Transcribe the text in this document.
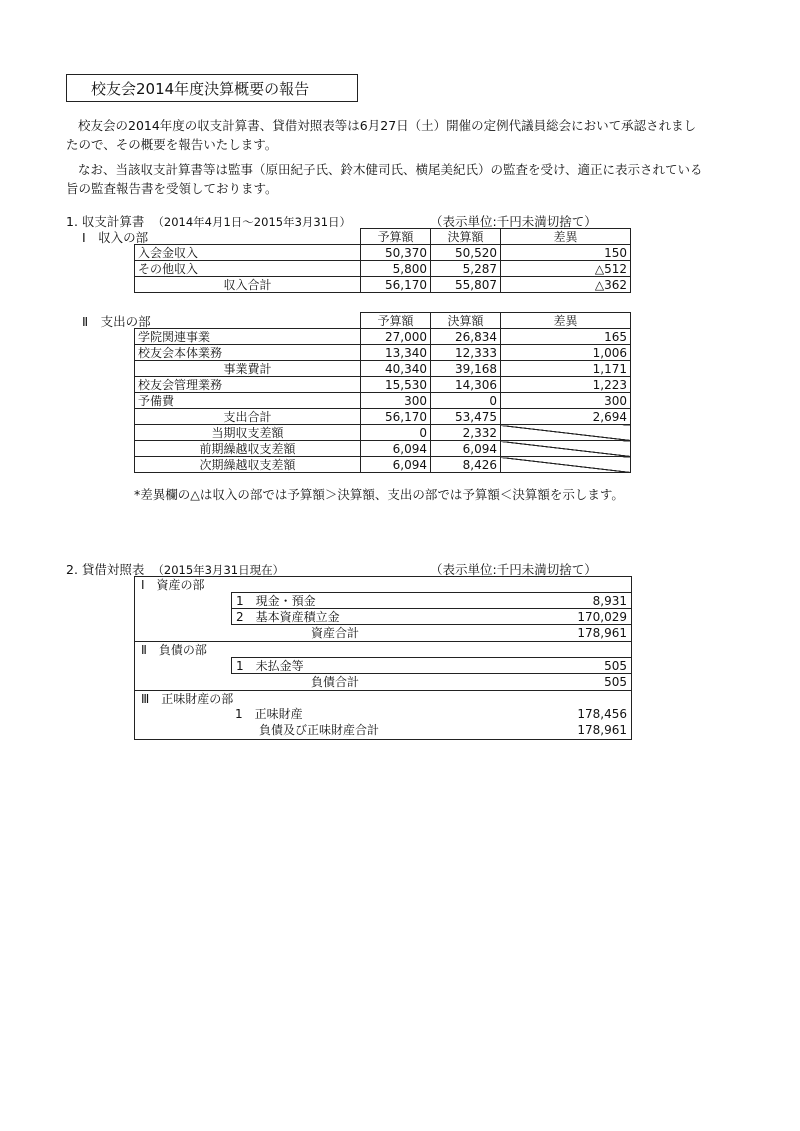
校友会2014年度決算概要の報告
校友会の2014年度の収支計算書、貸借対照表等は6月27日（土）開催の定例代議員総会において承認されましたので、その概要を報告いたします。
なお、当該収支計算書等は監事（原田紀子氏、鈴木健司氏、横尾美紀氏）の監査を受け、適正に表示されている旨の監査報告書を受領しております。
1. 収支計算書 （2014年4月1日～2015年3月31日）	（表示単位:千円未満切捨て）
Ⅰ　収入の部
		予算額	決算額	差異
入会金収入	50,370	50,520	150
その他収入	5,800	5,287	△512
収入合計	56,170	55,807	△362
Ⅱ　支出の部
		予算額	決算額	差異
学院関連事業	27,000	26,834	165
校友会本体業務	13,340	12,333	1,006
事業費計	40,340	39,168	1,171
校友会管理業務	15,530	14,306	1,223
予備費	300	0	300
支出合計	56,170	53,475	2,694
当期収支差額	0	2,332	
前期繰越収支差額	6,094	6,094	
次期繰越収支差額	6,094	8,426	
*差異欄の△は収入の部では予算額＞決算額、支出の部では予算額＜決算額を示します。
2. 貸借対照表 （2015年3月31日現在）	（表示単位:千円未満切捨て）
Ⅰ　資産の部
1　現金・預金	8,931
2　基本資産積立金	170,029
資産合計	178,961
Ⅱ　負債の部
1　未払金等	505
負債合計	505
Ⅲ　正味財産の部
1　正味財産	178,456
負債及び正味財産合計	178,961
